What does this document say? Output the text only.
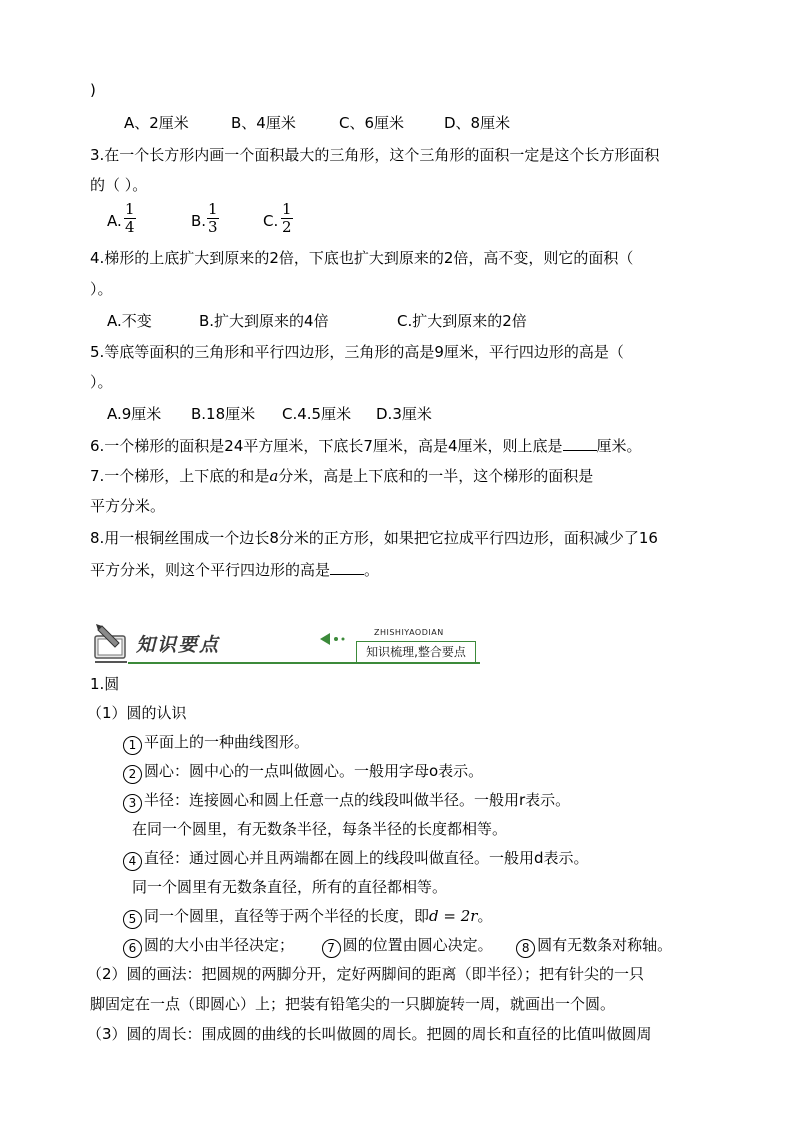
)
A、2厘米	B、4厘米	C、6厘米	D、8厘米
3.在一个长方形内画一个面积最大的三角形，这个三角形的面积一定是这个长方形面积
的（ ）。
A. $\frac{1}{4}$	B. $\frac{1}{3}$	C. $\frac{1}{2}$
4.梯形的上底扩大到原来的2倍，下底也扩大到原来的2倍，高不变，则它的面积（
）。
A.不变	B.扩大到原来的4倍	C.扩大到原来的2倍
5.等底等面积的三角形和平行四边形，三角形的高是9厘米，平行四边形的高是（
）。
A.9厘米 B.18厘米 C.4.5厘米 D.3厘米
6.一个梯形的面积是24平方厘米，下底长7厘米，高是4厘米，则上底是 厘米。
7.一个梯形，上下底的和是a分米，高是上下底和的一半，这个梯形的面积是
平方分米。
8.用一根铜丝围成一个边长8分米的正方形，如果把它拉成平行四边形，面积减少了16
平方分米，则这个平行四边形的高是 。
知识要点
ZHISHIYAODIAN
知识梳理,整合要点
1.圆
（1）圆的认识
1 平面上的一种曲线图形。
2 圆心：圆中心的一点叫做圆心。一般用字母o表示。
3 半径：连接圆心和圆上任意一点的线段叫做半径。一般用r表示。
在同一个圆里，有无数条半径，每条半径的长度都相等。
4 直径：通过圆心并且两端都在圆上的线段叫做直径。一般用d表示。
同一个圆里有无数条直径，所有的直径都相等。
5 同一个圆里，直径等于两个半径的长度，即d = 2r。
6 圆的大小由半径决定；	7 圆的位置由圆心决定。 8 圆有无数条对称轴。
（2）圆的画法：把圆规的两脚分开，定好两脚间的距离（即半径）；把有针尖的一只
脚固定在一点（即圆心）上；把装有铅笔尖的一只脚旋转一周，就画出一个圆。
（3）圆的周长：围成圆的曲线的长叫做圆的周长。把圆的周长和直径的比值叫做圆周
